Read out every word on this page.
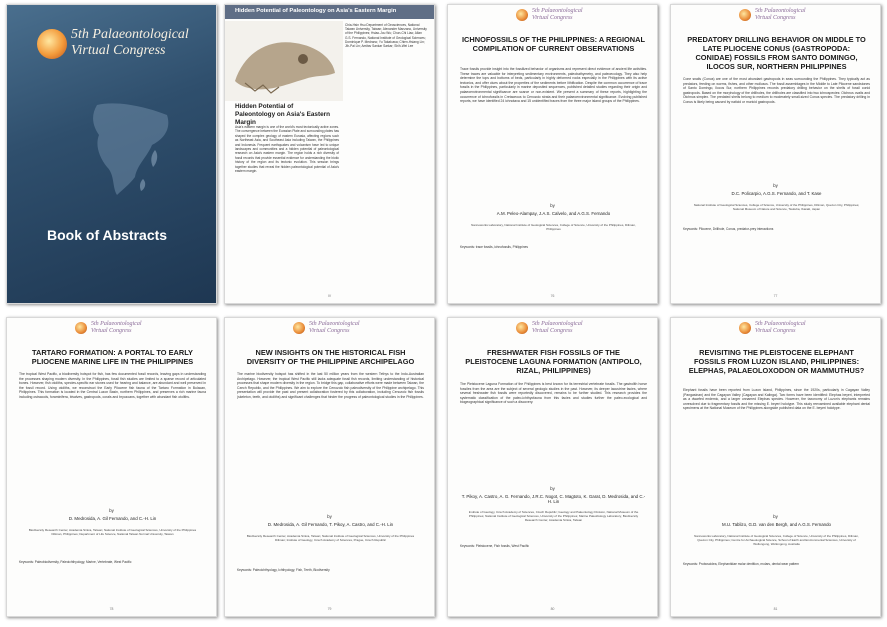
5th Palaeontological
Virtual Congress
Book of Abstracts
Hidden Potential of Paleontology on Asia's Eastern Margin
Chia-Hsin Hsu Department of Geosciences, National Taiwan University, Taiwan; Alexander Manzano, University of the Philippines; Hsiao-Jou Wu; Chun-Chi Liao; Allan G.S. Fernando, National Institute of Geological Sciences; Dominique P. Medrano; Yu Takakuwa; Chien-Hsiang Lin; Jih-Pai Lin; Amitav Sankar Sarkar; Shih-Wei Lee
Hidden Potential of Paleontology on Asia's Eastern Margin
Asia's eastern margin is one of the world's most tectonically active zones. The convergence between the Eurasian Plate and surrounding plates has shaped the complex geology of eastern Eurasia, affecting regions such as Northeast Asia, and Southeast Asia including Taiwan, the Philippines and Indonesia. Frequent earthquakes and volcanism have led to unique landscapes and communities and a hidden potential of paleontological research on Asia's eastern margin. The region holds a rich diversity of fossil records that provide essential evidence for understanding the biotic history of the region and its tectonic evolution. This session brings together studies that reveal the hidden paleontological potential of Asia's eastern margin.
IV
5th Palaeontological
Virtual Congress
ICHNOFOSSILS OF THE PHILIPPINES: A REGIONAL COMPILATION OF CURRENT OBSERVATIONS
Trace fossils provide insight into the fossilized behavior of organisms and represent direct evidence of ancient life activities. These traces are valuable for interpreting sedimentary environments, paleobathymetry, and paleoecology. They also help determine the tops and bottoms of beds, particularly in highly deformed rocks especially in the Philippines with its active tectonics, and offer clues about the properties of the sediments before lithification. Despite the common occurrence of trace fossils in the Philippines, particularly in marine deposited sequences, published detailed studies regarding their origin and palaeoenvironmental significance are scarce or non-existent. We present a summary of these reports, highlighting the occurrence of ichnofossils in Cretaceous to Cenozoic strata and their palaeoenvironmental significance. Evolving published reports, we have identified 24 ichnotaxa and 15 unidentified traces from the three major island groups of the Philippines.
by
A.M. Peleo-Alampay, J.A.S. Calvelo, and A.G.S. Fernando
Nannoworks Laboratory, National Institute of Geological Sciences, College of Science, University of the Philippines, Diliman, Philippines
Keywords: trace fossils, ichnofossils, Philippines
76
5th Palaeontological
Virtual Congress
PREDATORY DRILLING BEHAVIOR ON MIDDLE TO LATE PLIOCENE CONUS (GASTROPODA: CONIDAE) FOSSILS FROM SANTO DOMINGO, ILOCOS SUR, NORTHERN PHILIPPINES
Cone snails (Conus) are one of the most abundant gastropods in seas surrounding the Philippines. They typically act as predators, feeding on worms, fishes, and other molluscs. The fossil assemblages in the Middle to Late Pliocene sandstones of Santo Domingo, Ilocos Sur, northern Philippines records predatory drilling behavior on the shells of fossil conid gastropods. Based on the morphology of the drillholes, the drillholes are classified into two ichnospecies: Oichnus ovalis and Oichnus simplex. The predated shells belong to medium to moderately small-sized Conus species. The predatory drilling in Conus is likely being caused by naticid or muricid gastropods.
by
D.C. Policarpio, A.G.S. Fernando, and T. Kase
National Institute of Geological Sciences, College of Science, University of the Philippines, Diliman, Quezon City, Philippines; National Museum of Nature and Science, Tsukuba, Ibaraki, Japan
Keywords: Pliocene, Drillhole, Conus, predator-prey interactions
77
5th Palaeontological
Virtual Congress
TARTARO FORMATION: A PORTAL TO EARLY PLIOCENE MARINE LIFE IN THE PHILIPPINES
The tropical West Pacific, a biodiversity hotspot for fish, has few documented fossil records, leaving gaps in understanding the processes shaping modern diversity. In the Philippines, fossil fish studies are limited to a sparse record of articulated bones. However, fish otoliths, species-specific ear stones used for hearing and balance, are abundant and well preserved in the fossil record. Using otoliths, we reconstruct the Early Pliocene fish fauna of the Tartaro Formation in Bulacan, Philippines. This formation is located in the Central Luzon Basin, northern Philippines, and preserves a rich marine fauna including ostracods, foraminifera, bivalves, gastropods, corals and bryozoans, together with abundant fish otoliths.
by
D. Medrosida, A. Gil Fernando, and C.-H. Lin
Biodiversity Research Center, Academia Sinica, Taiwan; National Institute of Geological Sciences, University of the Philippines Diliman, Philippines; Department of Life Science, National Taiwan Normal University, Taiwan
Keywords: Paleobiodiversity, Paleoichthyology, Marine, Vertebrate, West Pacific
78
5th Palaeontological
Virtual Congress
NEW INSIGHTS ON THE HISTORICAL FISH DIVERSITY OF THE PHILIPPINE ARCHIPELAGO
The marine biodiversity hotspot has shifted in the last 50 million years from the western Tethys to the Indo-Australian Archipelago. However, the tropical West Pacific still lacks adequate fossil fish records, limiting understanding of historical processes that shape modern diversity in the region. To bridge this gap, collaborative efforts were made between Taiwan, the Czech Republic, and the Philippines. We aim to explore the Cenozoic fish paleodiversity of the Philippine archipelago. This presentation will provide the past and present collaboration fostered by this collaboration, including Cenozoic fish fossils (skeleton, teeth, and otoliths) and significant challenges that hinder the progress of paleontological studies in the Philippines.
by
D. Medrosida, A. Gil Fernando, T. Pikoy, A. Castro, and C.-H. Lin
Biodiversity Research Center, Academia Sinica, Taiwan; National Institute of Geological Sciences, University of the Philippines Diliman; Institute of Geology, Czech Academy of Sciences, Prague, Czech Republic
Keywords: Paleoichthyology, Ichthyology, Fish, Teeth, Biodiversity
79
5th Palaeontological
Virtual Congress
FRESHWATER FISH FOSSILS OF THE PLEISTOCENE LAGUNA FORMATION (ANTIPOLO, RIZAL, PHILIPPINES)
The Pleistocene Laguna Formation of the Philippines is best known for its terrestrial vertebrate fossils. The gastrolith horse fossiles from the area are the subject of several geologic studies in the past. However, its deeper lacustrine facies, where several freshwater fish fossils were reportedly discovered, remains to be further studied. This research provides the systematic classification of the paleo-ichthyofauna from this facies and studies further the paleo-ecological and biogeographical significance of such a discovery.
by
T. Pikoy, A. Castro, A. G. Fernando, J.R.C. Nogot, C. Magtoto, K. Garat, D. Medrosida, and C.-H. Lin
Institute of Geology, Czech Academy of Sciences, Czech Republic; Geology and Paleontology Division, National Museum of the Philippines; National Institute of Geological Sciences, University of the Philippines; Marine Paleobiology Laboratory, Biodiversity Research Center, Academia Sinica, Taiwan
Keywords: Pleistocene, Fish fossils, West Pacific
80
5th Palaeontological
Virtual Congress
REVISITING THE PLEISTOCENE ELEPHANT FOSSILS FROM LUZON ISLAND, PHILIPPINES: ELEPHAS, PALAEOLOXODON OR MAMMUTHUS?
Elephant fossils have been reported from Luzon Island, Philippines, since the 1920s, particularly in Cagayan Valley (Pangasinan) and the Cagayan Valley (Cagayan and Kalinga). Two forms have been identified: Elephas beyeri, interpreted as a dwarfed endemic, and a larger unnamed Elephas species. However, the taxonomy of Luzon's elephants remains unresolved due to fragmentary fossils and the missing E. beyeri holotype. This study reexamined available elephant dental specimens at the National Museum of the Philippines alongside published data on the E. beyeri holotype.
by
M.U. Tablizo, G.D. van den Bergh, and A.G.S. Fernando
Nannoworks Laboratory, National Institute of Geological Sciences, College of Science, University of the Philippines, Diliman, Quezon City, Philippines; Centre for Archaeological Science, School of Earth and Environmental Sciences, University of Wollongong, Wollongong, Australia
Keywords: Proboscidea, Elephantidae molar dentition, molars, dental wear pattern
81
